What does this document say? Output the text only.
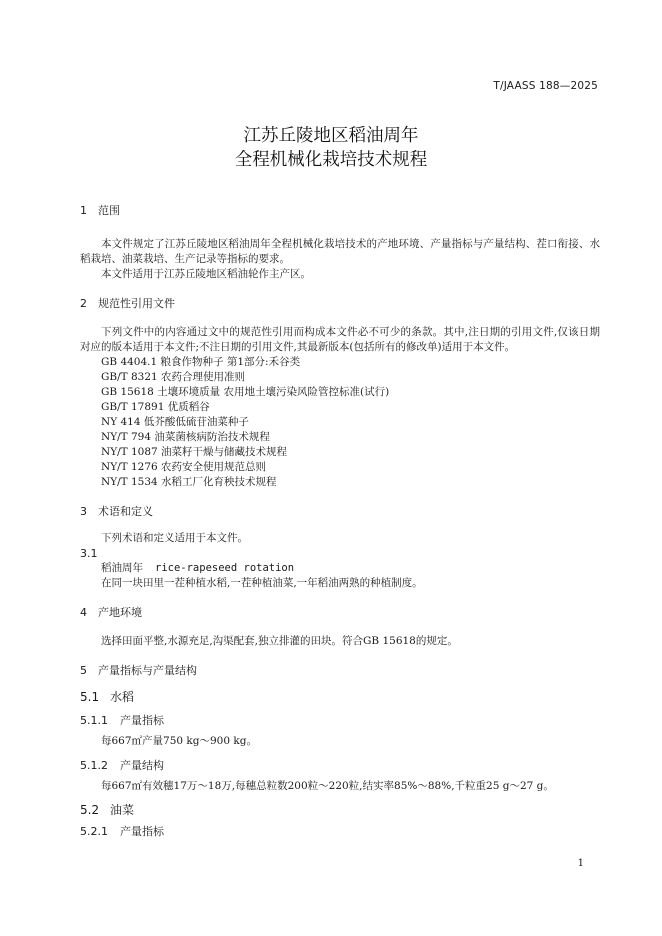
T/JAASS 188—2025
江苏丘陵地区稻油周年
全程机械化栽培技术规程

1 范围

本文件规定了江苏丘陵地区稻油周年全程机械化栽培技术的产地环境、产量指标与产量结构、茬口衔接、水稻栽培、油菜栽培、生产记录等指标的要求。

本文件适用于江苏丘陵地区稻油轮作主产区。

2 规范性引用文件

下列文件中的内容通过文中的规范性引用而构成本文件必不可少的条款。其中,注日期的引用文件,仅该日期对应的版本适用于本文件;不注日期的引用文件,其最新版本(包括所有的修改单)适用于本文件。

GB 4404.1 粮食作物种子 第1部分:禾谷类

GB/T 8321 农药合理使用准则

GB 15618 土壤环境质量 农用地土壤污染风险管控标准(试行)

GB/T 17891 优质稻谷

NY 414 低芥酸低硫苷油菜种子

NY/T 794 油菜菌核病防治技术规程

NY/T 1087 油菜籽干燥与储藏技术规程

NY/T 1276 农药安全使用规范总则

NY/T 1534 水稻工厂化育秧技术规程

3 术语和定义

下列术语和定义适用于本文件。

3.1

稻油周年 rice-rapeseed rotation

在同一块田里一茬种植水稻,一茬种植油菜,一年稻油两熟的种植制度。

4 产地环境

选择田面平整,水源充足,沟渠配套,独立排灌的田块。符合GB 15618的规定。

5 产量指标与产量结构

5.1 水稻

5.1.1 产量指标

每667㎡产量750 kg～900 kg。

5.1.2 产量结构

每667㎡有效穗17万～18万,每穗总粒数200粒～220粒,结实率85%～88%,千粒重25 g～27 g。

5.2 油菜

5.2.1 产量指标

1
